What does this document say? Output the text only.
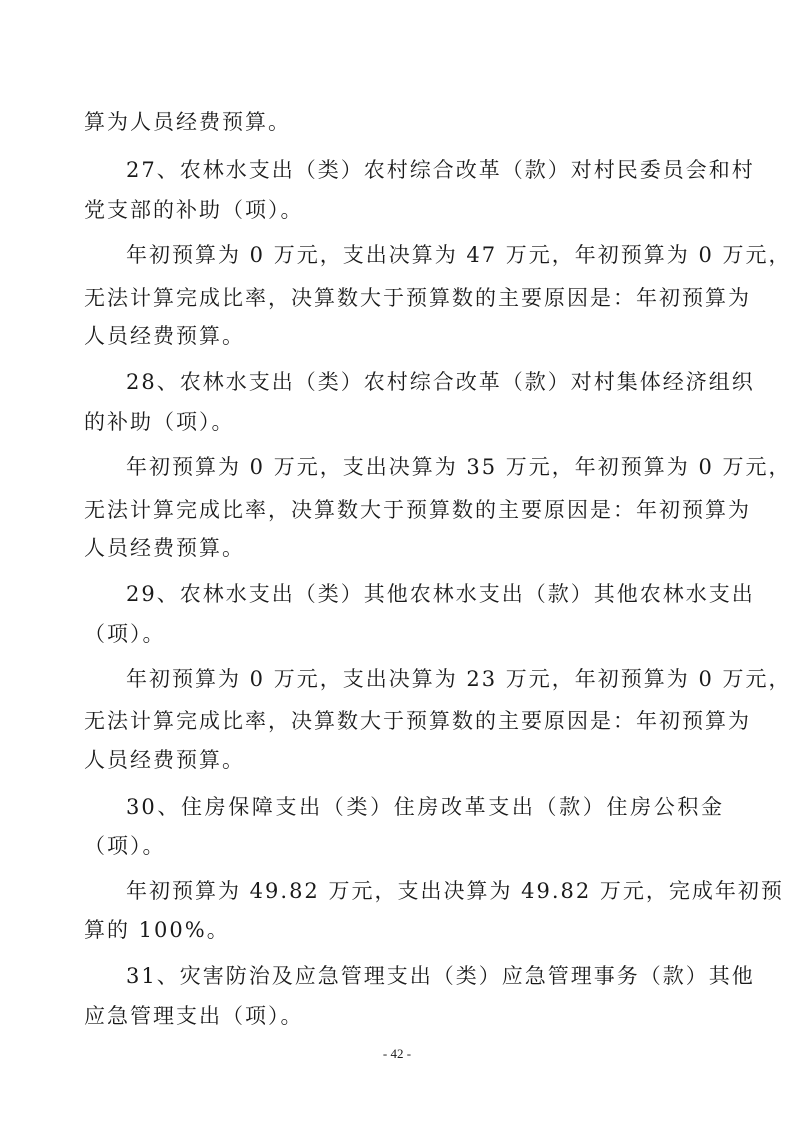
算为人员经费预算。
27、农林水支出（类）农村综合改革（款）对村民委员会和村
党支部的补助（项）。
年初预算为 0 万元，支出决算为 47 万元，年初预算为 0 万元，
无法计算完成比率，决算数大于预算数的主要原因是：年初预算为
人员经费预算。
28、农林水支出（类）农村综合改革（款）对村集体经济组织
的补助（项）。
年初预算为 0 万元，支出决算为 35 万元，年初预算为 0 万元，
无法计算完成比率，决算数大于预算数的主要原因是：年初预算为
人员经费预算。
29、农林水支出（类）其他农林水支出（款）其他农林水支出
（项）。
年初预算为 0 万元，支出决算为 23 万元，年初预算为 0 万元，
无法计算完成比率，决算数大于预算数的主要原因是：年初预算为
人员经费预算。
30、住房保障支出（类）住房改革支出（款）住房公积金
（项）。
年初预算为 49.82 万元，支出决算为 49.82 万元，完成年初预
算的 100%。
31、灾害防治及应急管理支出（类）应急管理事务（款）其他
应急管理支出（项）。
- 42 -
